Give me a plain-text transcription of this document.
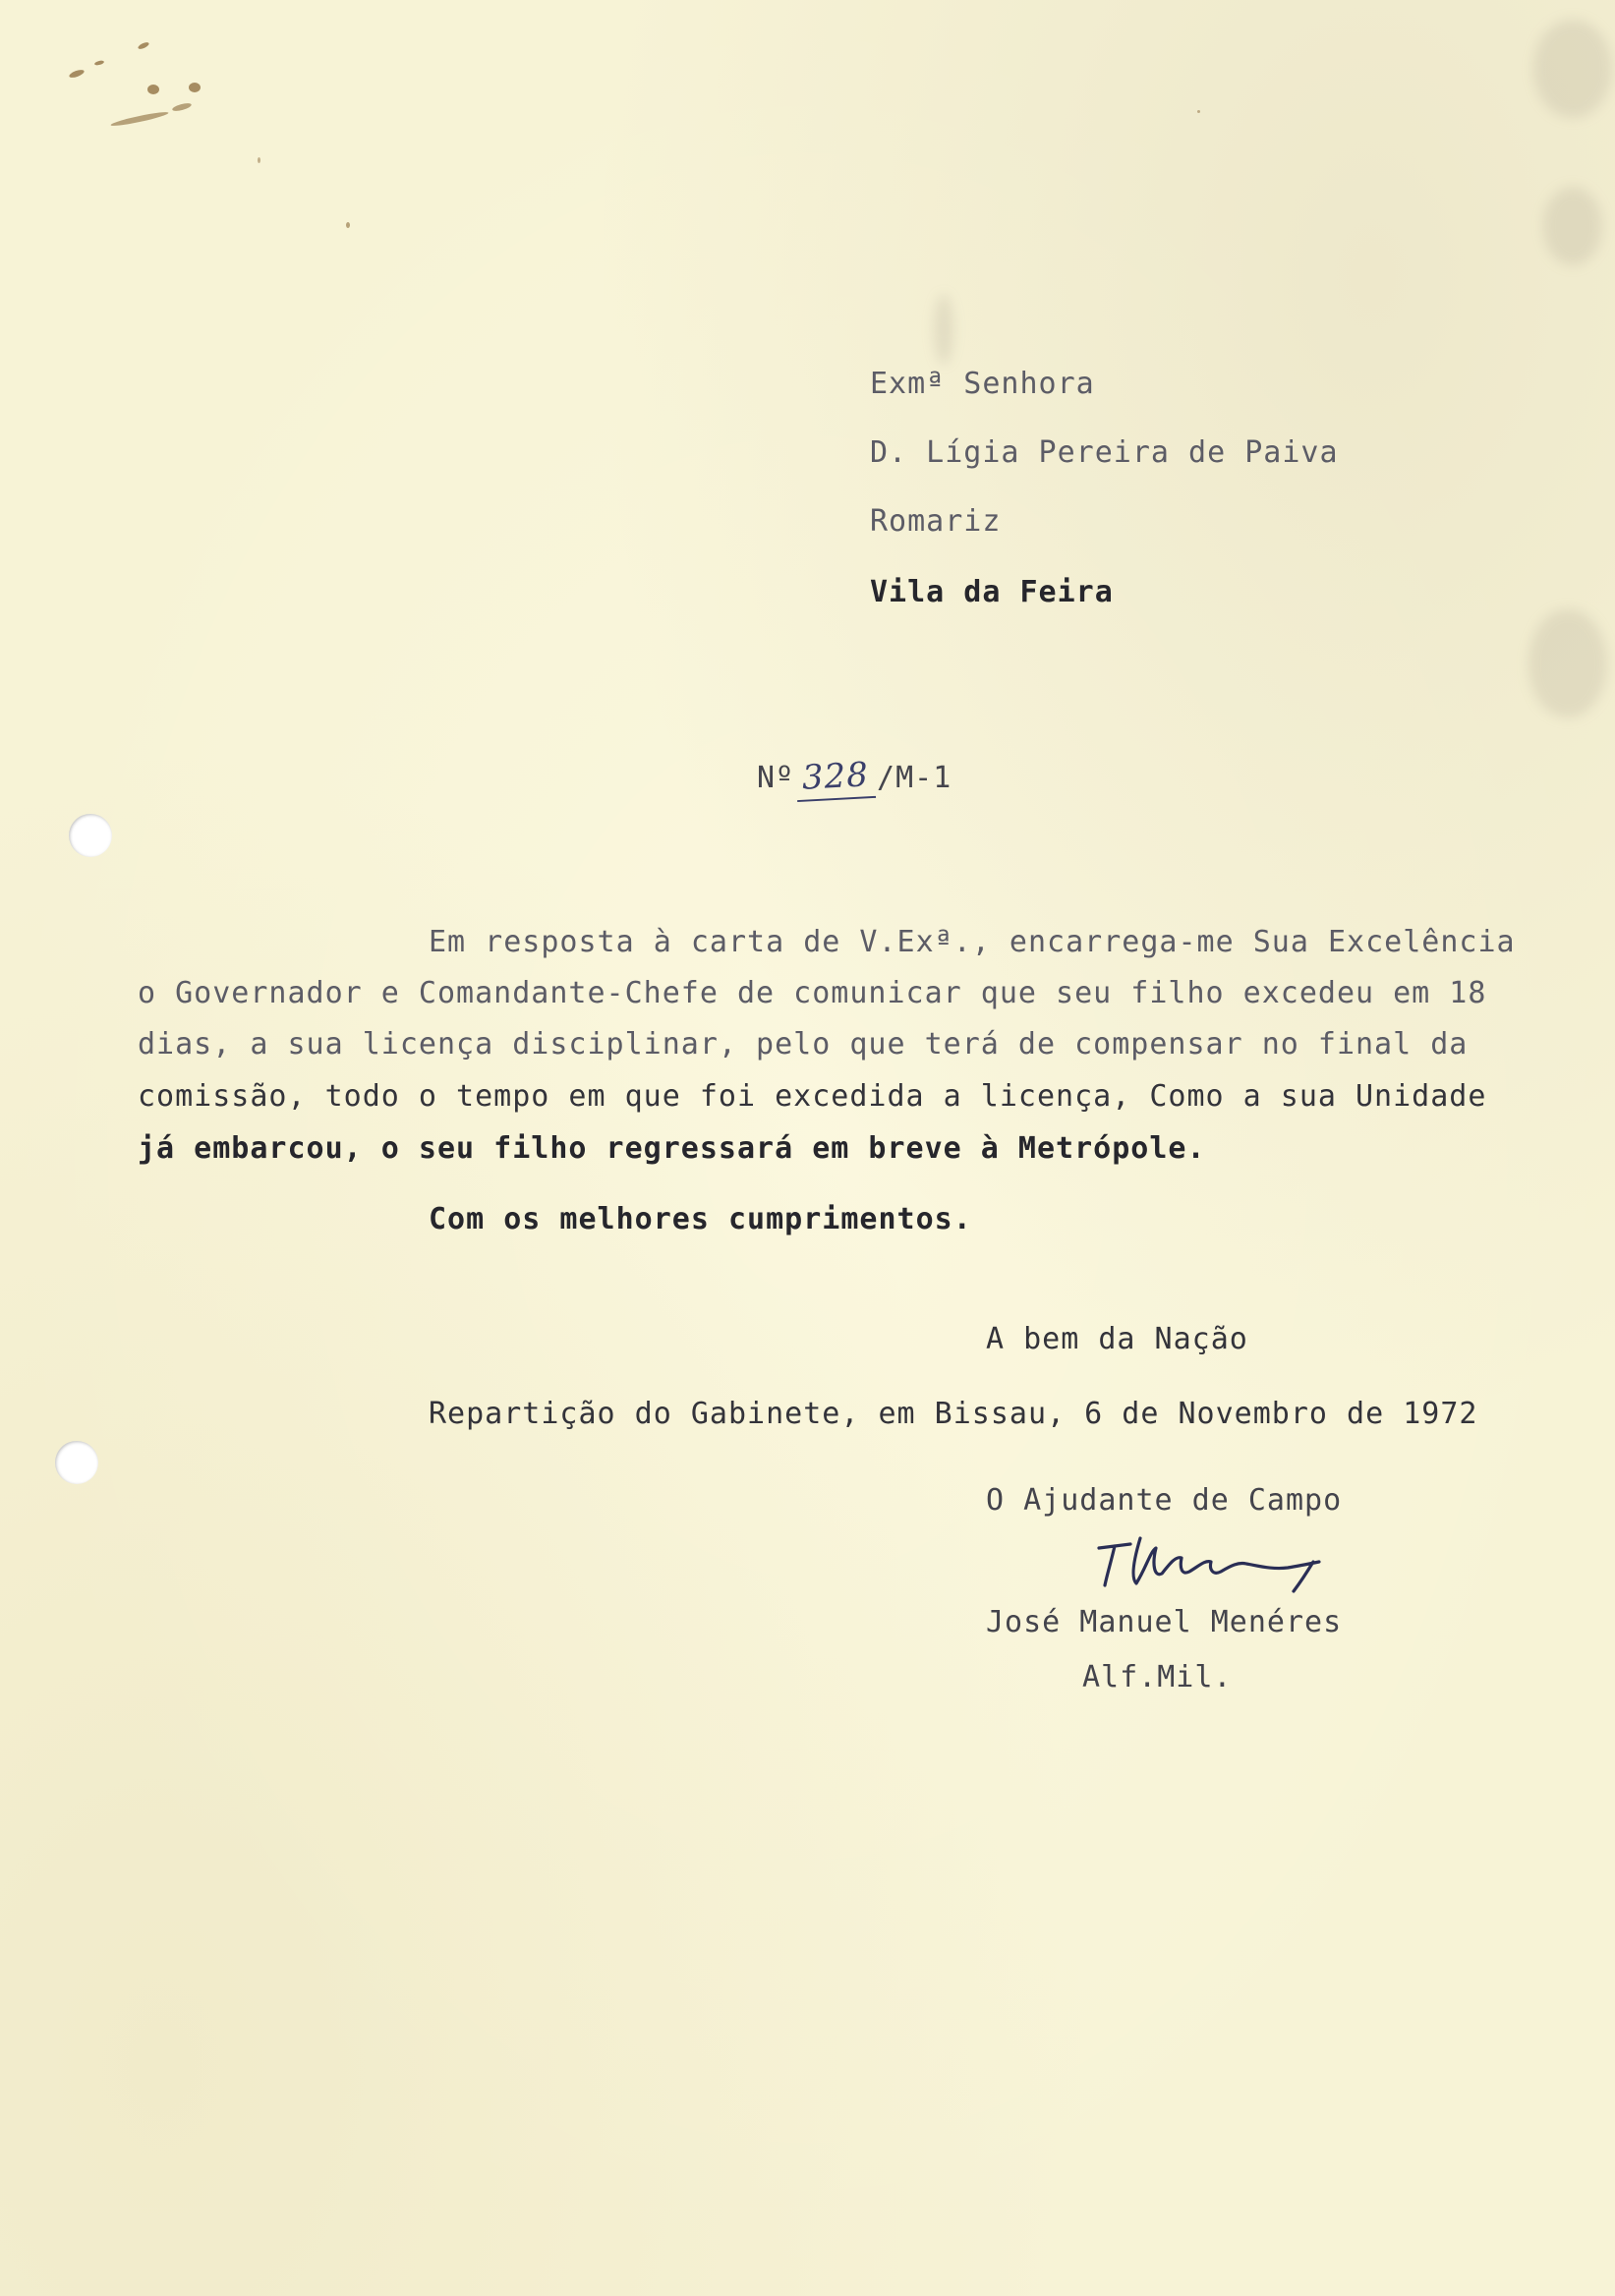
Exmª Senhora
D. Lígia Pereira de Paiva
Romariz
Vila da Feira
Nº 328 /M-1
Em resposta à carta de V.Exª., encarrega-me Sua Excelência
o Governador e Comandante-Chefe de comunicar que seu filho excedeu em 18
dias, a sua licença disciplinar, pelo que terá de compensar no final da
comissão, todo o tempo em que foi excedida a licença, Como a sua Unidade
já embarcou, o seu filho regressará em breve à Metrópole.
Com os melhores cumprimentos.
A bem da Nação
Repartição do Gabinete, em Bissau, 6 de Novembro de 1972
O Ajudante de Campo
José Manuel Menéres
Alf.Mil.
